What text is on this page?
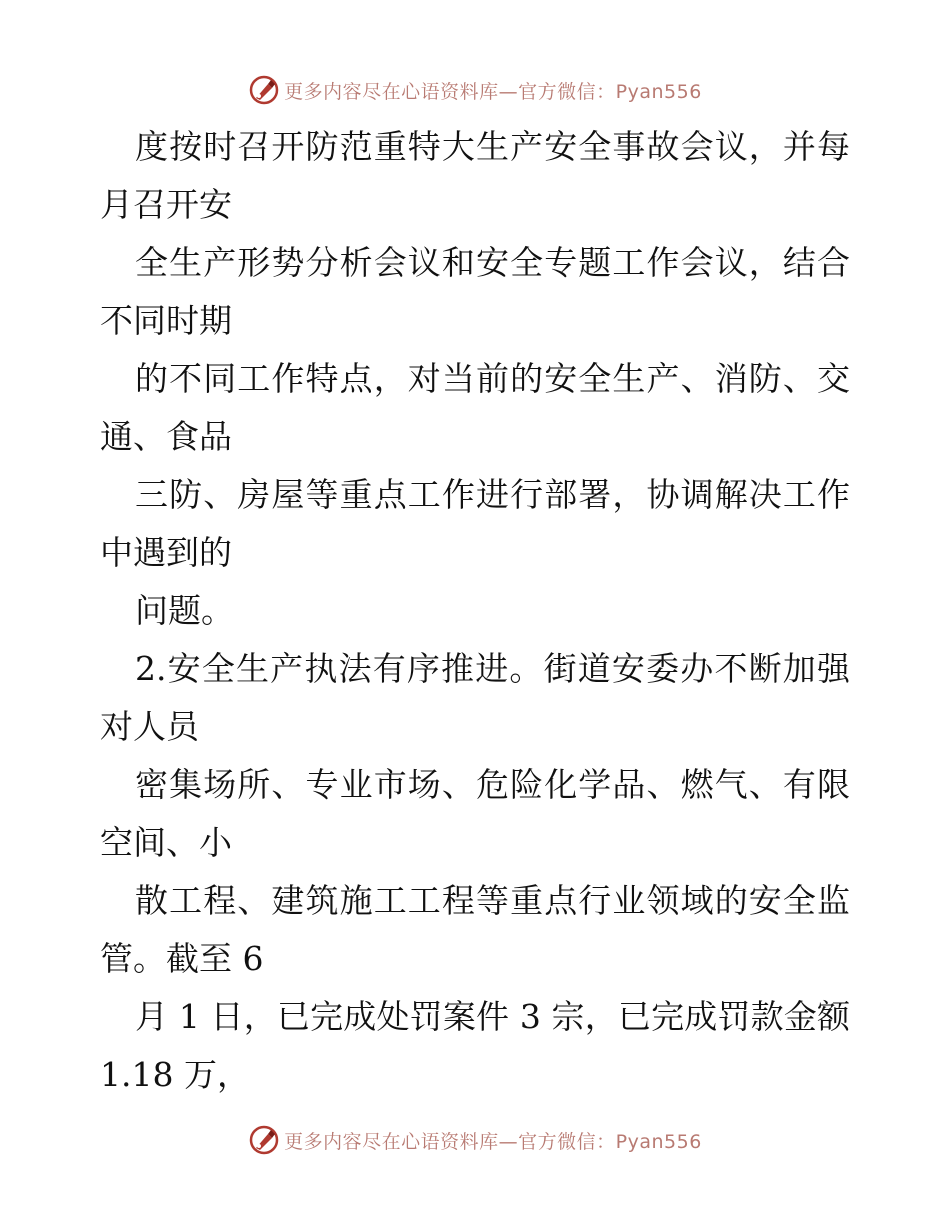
更多内容尽在心语资料库—官方微信：Pyan556
度按时召开防范重特大生产安全事故会议，并每
月召开安
全生产形势分析会议和安全专题工作会议，结合
不同时期
的不同工作特点，对当前的安全生产、消防、交
通、食品
三防、房屋等重点工作进行部署，协调解决工作
中遇到的
问题。
2.安全生产执法有序推进。街道安委办不断加强
对人员
密集场所、专业市场、危险化学品、燃气、有限
空间、小
散工程、建筑施工工程等重点行业领域的安全监
管。截至 6
月 1 日，已完成处罚案件 3 宗，已完成罚款金额
1.18 万，
更多内容尽在心语资料库—官方微信：Pyan556
